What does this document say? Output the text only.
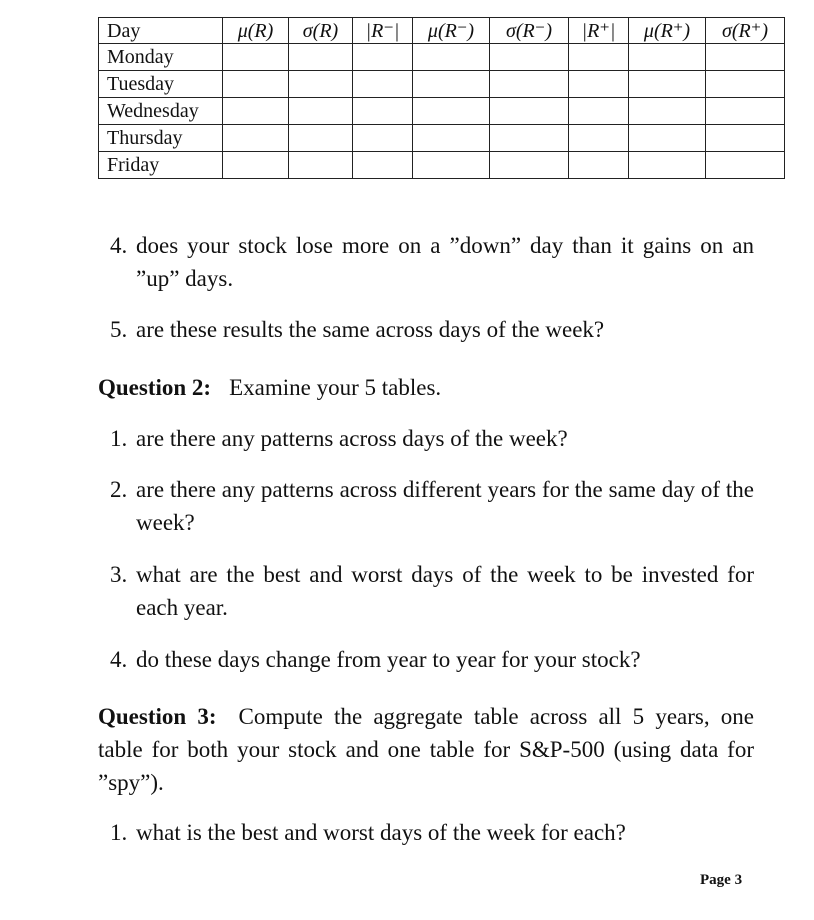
Day	μ(R)	σ(R)	|R⁻|	μ(R⁻)	σ(R⁻)	|R⁺|	μ(R⁺)	σ(R⁺)
Monday								
Tuesday								
Wednesday								
Thursday								
Friday								
4. does your stock lose more on a ”down” day than it gains on an ”up” days.
5. are these results the same across days of the week?

Question 2: Examine your 5 tables.

1. are there any patterns across days of the week?
2. are there any patterns across different years for the same day of the week?
3. what are the best and worst days of the week to be invested for each year.
4. do these days change from year to year for your stock?

Question 3: Compute the aggregate table across all 5 years, one table for both your stock and one table for S&P-500 (using data for ”spy”).

1. what is the best and worst days of the week for each?
Page 3
